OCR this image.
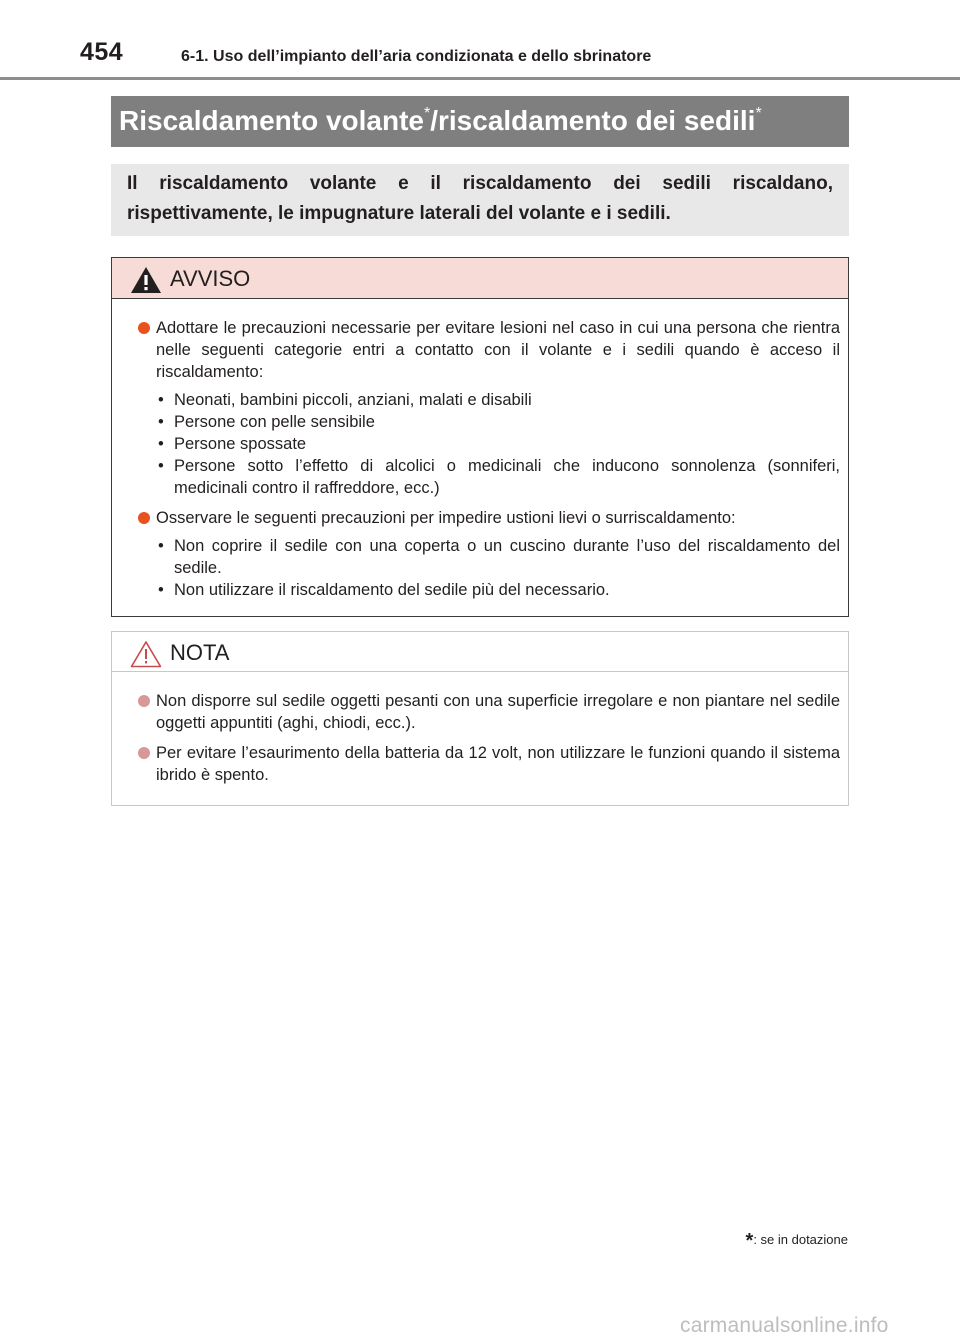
454	6-1. Uso dell’impianto dell’aria condizionata e dello sbrinatore
Riscaldamento volante*/riscaldamento dei sedili*

Il riscaldamento volante e il riscaldamento dei sedili riscaldano, rispettivamente, le impugnature laterali del volante e i sedili.

AVVISO

Adottare le precauzioni necessarie per evitare lesioni nel caso in cui una persona che rientra nelle seguenti categorie entri a contatto con il volante e i sedili quando è acceso il riscaldamento:

• Neonati, bambini piccoli, anziani, malati e disabili
• Persone con pelle sensibile
• Persone spossate
• Persone sotto l’effetto di alcolici o medicinali che inducono sonnolenza (sonniferi, medicinali contro il raffreddore, ecc.)

Osservare le seguenti precauzioni per impedire ustioni lievi o surriscaldamento:

• Non coprire il sedile con una coperta o un cuscino durante l’uso del riscaldamento del sedile.
• Non utilizzare il riscaldamento del sedile più del necessario.
NOTA

Non disporre sul sedile oggetti pesanti con una superficie irregolare e non piantare nel sedile oggetti appuntiti (aghi, chiodi, ecc.).

Per evitare l’esaurimento della batteria da 12 volt, non utilizzare le funzioni quando il sistema ibrido è spento.

*: se in dotazione
carmanualsonline.info
